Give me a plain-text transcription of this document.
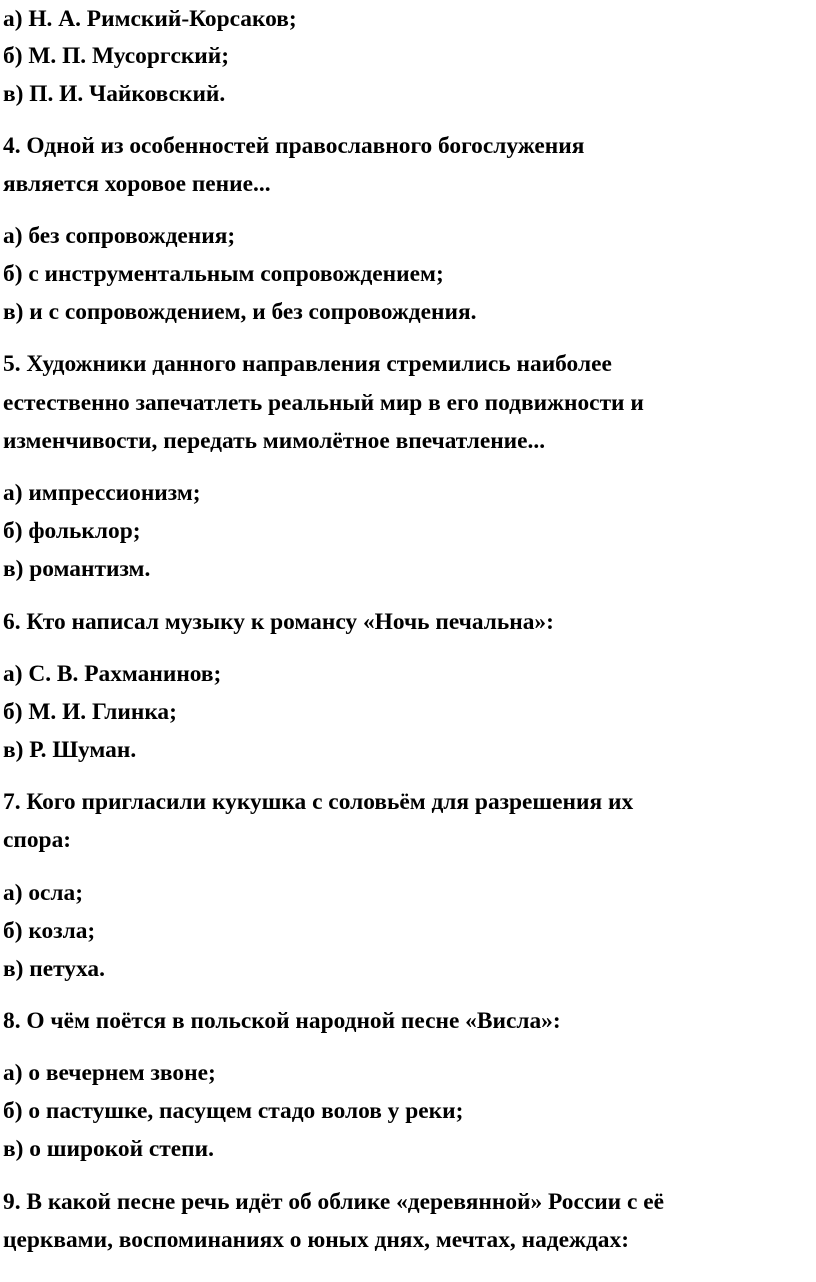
а) Н. А. Римский-Корсаков;
б) М. П. Мусоргский;
в) П. И. Чайковский.
4. Одной из особенностей православного богослужения
является хоровое пение...
а) без сопровождения;
б) с инструментальным сопровождением;
в) и с сопровождением, и без сопровождения.
5. Художники данного направления стремились наиболее
естественно запечатлеть реальный мир в его подвижности и
изменчивости, передать мимолётное впечатление...
а) импрессионизм;
б) фольклор;
в) романтизм.
6. Кто написал музыку к романсу «Ночь печальна»:
а) С. В. Рахманинов;
б) М. И. Глинка;
в) Р. Шуман.
7. Кого пригласили кукушка с соловьём для разрешения их
спора:
а) осла;
б) козла;
в) петуха.
8. О чём поётся в польской народной песне «Висла»:
а) о вечернем звоне;
б) о пастушке, пасущем стадо волов у реки;
в) о широкой степи.
9. В какой песне речь идёт об облике «деревянной» России с её
церквами, воспоминаниях о юных днях, мечтах, надеждах:
